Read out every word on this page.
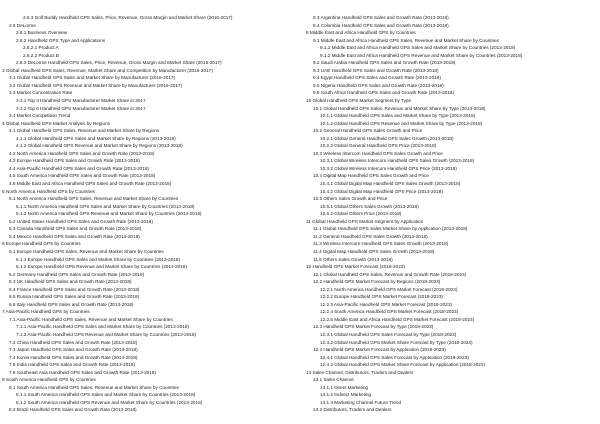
2.5.3 Golf Buddy Handheld GPS Sales, Price, Revenue, Gross Margin and Market Share (2016-2017)
2.6 DeLorme
2.6.1 Business Overview
2.6.2 Handheld GPS Type and Applications
2.6.2.1 Product A
2.6.2.2 Product B
2.6.3 DeLorme Handheld GPS Sales, Price, Revenue, Gross Margin and Market Share (2016-2017)
3 Global Handheld GPS Sales, Revenue, Market Share and Competition by Manufacturer (2016-2017)
3.1 Global Handheld GPS Sales and Market Share by Manufacturer (2016-2017)
3.2 Global Handheld GPS Revenue and Market Share by Manufacturer (2016-2017)
3.3 Market Concentration Rate
3.3.1 Top 3 Handheld GPS Manufacturer Market Share in 2017
3.3.2 Top 6 Handheld GPS Manufacturer Market Share in 2017
3.4 Market Competition Trend
4 Global Handheld GPS Market Analysis by Regions
4.1 Global Handheld GPS Sales, Revenue and Market Share by Regions
4.1.1 Global Handheld GPS Sales and Market Share by Regions (2013-2018)
4.1.2 Global Handheld GPS Revenue and Market Share by Regions (2013-2018)
4.2 North America Handheld GPS Sales and Growth Rate (2013-2018)
4.3 Europe Handheld GPS Sales and Growth Rate (2013-2018)
4.4 Asia-Pacific Handheld GPS Sales and Growth Rate (2013-2018)
4.5 South America Handheld GPS Sales and Growth Rate (2013-2018)
4.6 Middle East and Africa Handheld GPS Sales and Growth Rate (2013-2018)
5 North America Handheld GPS by Countries
5.1 North America Handheld GPS Sales, Revenue and Market Share by Countries
5.1.1 North America Handheld GPS Sales and Market Share by Countries (2013-2018)
5.1.2 North America Handheld GPS Revenue and Market Share by Countries (2013-2018)
5.2 United States Handheld GPS Sales and Growth Rate (2013-2018)
5.3 Canada Handheld GPS Sales and Growth Rate (2013-2018)
5.4 Mexico Handheld GPS Sales and Growth Rate (2013-2018)
6 Europe Handheld GPS by Countries
6.1 Europe Handheld GPS Sales, Revenue and Market Share by Countries
6.1.1 Europe Handheld GPS Sales and Market Share by Countries (2013-2018)
6.1.2 Europe Handheld GPS Revenue and Market Share by Countries (2013-2018)
6.2 Germany Handheld GPS Sales and Growth Rate (2013-2018)
6.3 UK Handheld GPS Sales and Growth Rate (2013-2018)
6.4 France Handheld GPS Sales and Growth Rate (2013-2018)
6.5 Russia Handheld GPS Sales and Growth Rate (2013-2018)
6.6 Italy Handheld GPS Sales and Growth Rate (2013-2018)
7 Asia-Pacific Handheld GPS by Countries
7.1 Asia-Pacific Handheld GPS Sales, Revenue and Market Share by Countries
7.1.1 Asia-Pacific Handheld GPS Sales and Market Share by Countries (2013-2018)
7.1.2 Asia-Pacific Handheld GPS Revenue and Market Share by Countries (2013-2018)
7.2 China Handheld GPS Sales and Growth Rate (2013-2018)
7.3 Japan Handheld GPS Sales and Growth Rate (2013-2018)
7.4 Korea Handheld GPS Sales and Growth Rate (2013-2018)
7.5 India Handheld GPS Sales and Growth Rate (2013-2018)
7.6 Southeast Asia Handheld GPS Sales and Growth Rate (2013-2018)
8 South America Handheld GPS by Countries
8.1 South America Handheld GPS Sales, Revenue and Market Share by Countries
8.1.1 South America Handheld GPS Sales and Market Share by Countries (2013-2018)
8.1.2 South America Handheld GPS Revenue and Market Share by Countries (2013-2018)
8.2 Brazil Handheld GPS Sales and Growth Rate (2013-2018)
8.3 Argentina Handheld GPS Sales and Growth Rate (2013-2018)
8.4 Colombia Handheld GPS Sales and Growth Rate (2013-2018)
9 Middle East and Africa Handheld GPS by Countries
9.1 Middle East and Africa Handheld GPS Sales, Revenue and Market Share by Countries
9.1.1 Middle East and Africa Handheld GPS Sales and Market Share by Countries (2013-2018)
9.1.2 Middle East and Africa Handheld GPS Revenue and Market Share by Countries (2013-2018)
9.2 Saudi Arabia Handheld GPS Sales and Growth Rate (2013-2018)
9.3 UAE Handheld GPS Sales and Growth Rate (2013-2018)
9.4 Egypt Handheld GPS Sales and Growth Rate (2013-2018)
9.5 Nigeria Handheld GPS Sales and Growth Rate (2013-2018)
9.6 South Africa Handheld GPS Sales and Growth Rate (2013-2018)
10 Global Handheld GPS Market Segment by Type
10.1 Global Handheld GPS Sales, Revenue and Market Share by Type (2013-2018)
10.1.1 Global Handheld GPS Sales and Market Share by Type (2013-2018)
10.1.2 Global Handheld GPS Revenue and Market Share by Type (2013-2018)
10.2 General Handheld GPS Sales Growth and Price
10.2.1 Global General Handheld GPS Sales Growth (2013-2018)
10.2.2 Global General Handheld GPS Price (2013-2018)
10.3 Wireless Intercom Handheld GPS Sales Growth and Price
10.3.1 Global Wireless Intercom Handheld GPS Sales Growth (2013-2018)
10.3.2 Global Wireless Intercom Handheld GPS Price (2013-2018)
10.4 Digital Map Handheld GPS Sales Growth and Price
10.4.1 Global Digital Map Handheld GPS Sales Growth (2013-2018)
10.4.2 Global Digital Map Handheld GPS Price (2013-2018)
10.5 Others Sales Growth and Price
10.5.1 Global Others Sales Growth (2013-2018)
10.5.2 Global Others Price (2013-2018)
11 Global Handheld GPS Market Segment by Application
11.1 Global Handheld GPS Sales Market Share by Application (2013-2018)
11.2 General Handheld GPS Sales Growth (2013-2018)
11.3 Wireless Intercom Handheld GPS Sales Growth (2013-2018)
11.4 Digital Map Handheld GPS Sales Growth (2013-2018)
11.5 Others Sales Growth (2013-2018)
12 Handheld GPS Market Forecast (2018-2023)
12.1 Global Handheld GPS Sales, Revenue and Growth Rate (2018-2023)
12.2 Handheld GPS Market Forecast by Regions (2018-2023)
12.2.1 North America Handheld GPS Market Forecast (2018-2023)
12.2.2 Europe Handheld GPS Market Forecast (2018-2023)
12.2.3 Asia-Pacific Handheld GPS Market Forecast (2018-2023)
12.2.4 South America Handheld GPS Market Forecast (2018-2023)
12.2.5 Middle East and Africa Handheld GPS Market Forecast (2018-2023)
12.3 Handheld GPS Market Forecast by Type (2018-2023)
12.3.1 Global Handheld GPS Sales Forecast by Type (2018-2023)
12.3.2 Global Handheld GPS Market Share Forecast by Type (2018-2023)
12.4 Handheld GPS Market Forecast by Application (2018-2023)
12.4.1 Global Handheld GPS Sales Forecast by Application (2018-2023)
12.4.2 Global Handheld GPS Market Share Forecast by Application (2018-2023)
13 Sales Channel, Distributors, Traders and Dealers
13.1 Sales Channel
13.1.1 Direct Marketing
13.1.2 Indirect Marketing
13.1.3 Marketing Channel Future Trend
13.2 Distributors, Traders and Dealers
